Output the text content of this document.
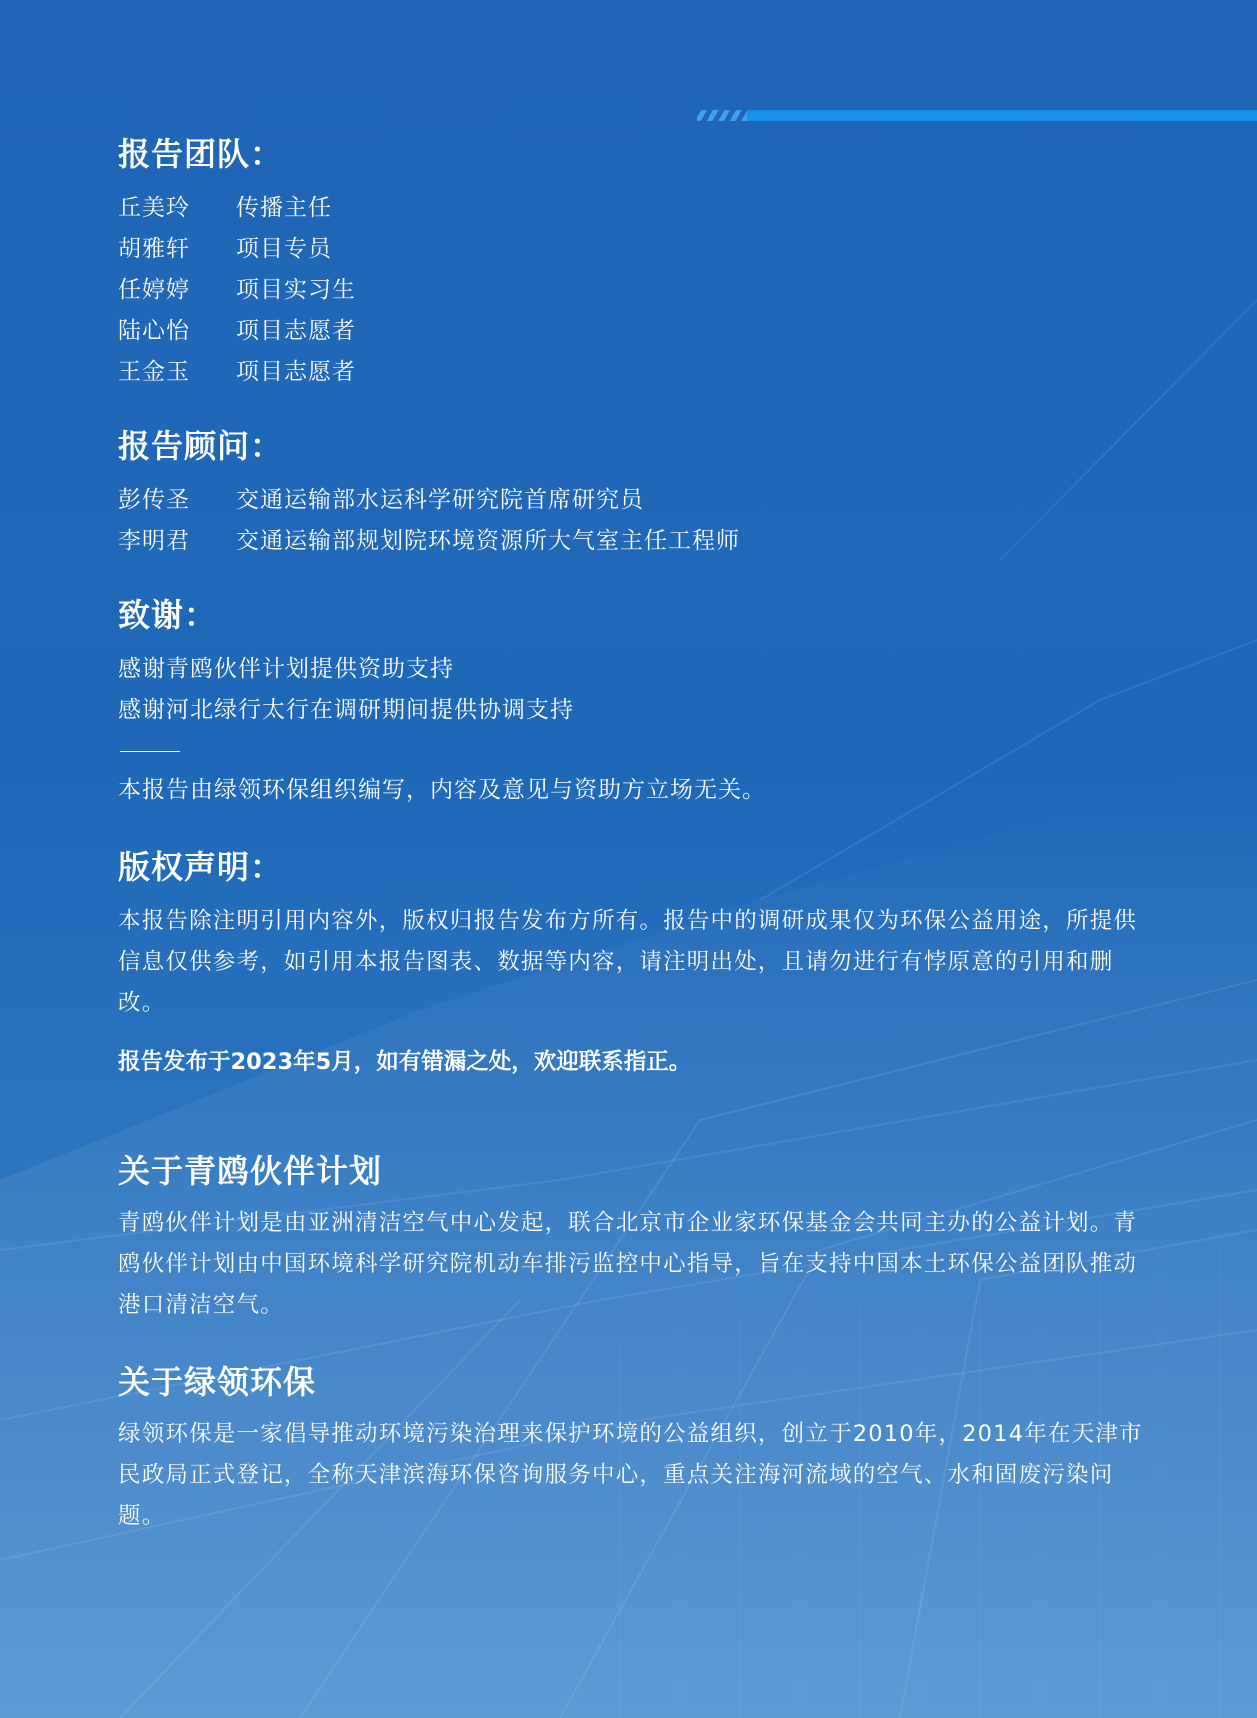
报告团队：
丘美玲	传播主任
胡雅轩	项目专员
任婷婷	项目实习生
陆心怡	项目志愿者
王金玉	项目志愿者
报告顾问：
彭传圣	交通运输部水运科学研究院首席研究员
李明君	交通运输部规划院环境资源所大气室主任工程师
致谢：
感谢青鸥伙伴计划提供资助支持
感谢河北绿行太行在调研期间提供协调支持
本报告由绿领环保组织编写，内容及意见与资助方立场无关。
版权声明：

本报告除注明引用内容外，版权归报告发布方所有。报告中的调研成果仅为环保公益用途，所提供信息仅供参考，如引用本报告图表、数据等内容，请注明出处，且请勿进行有悖原意的引用和删改。

报告发布于2023年5月，如有错漏之处，欢迎联系指正。

关于青鸥伙伴计划

青鸥伙伴计划是由亚洲清洁空气中心发起，联合北京市企业家环保基金会共同主办的公益计划。青鸥伙伴计划由中国环境科学研究院机动车排污监控中心指导，旨在支持中国本土环保公益团队推动港口清洁空气。

关于绿领环保

绿领环保是一家倡导推动环境污染治理来保护环境的公益组织，创立于2010年，2014年在天津市民政局正式登记，全称天津滨海环保咨询服务中心，重点关注海河流域的空气、水和固废污染问题。
